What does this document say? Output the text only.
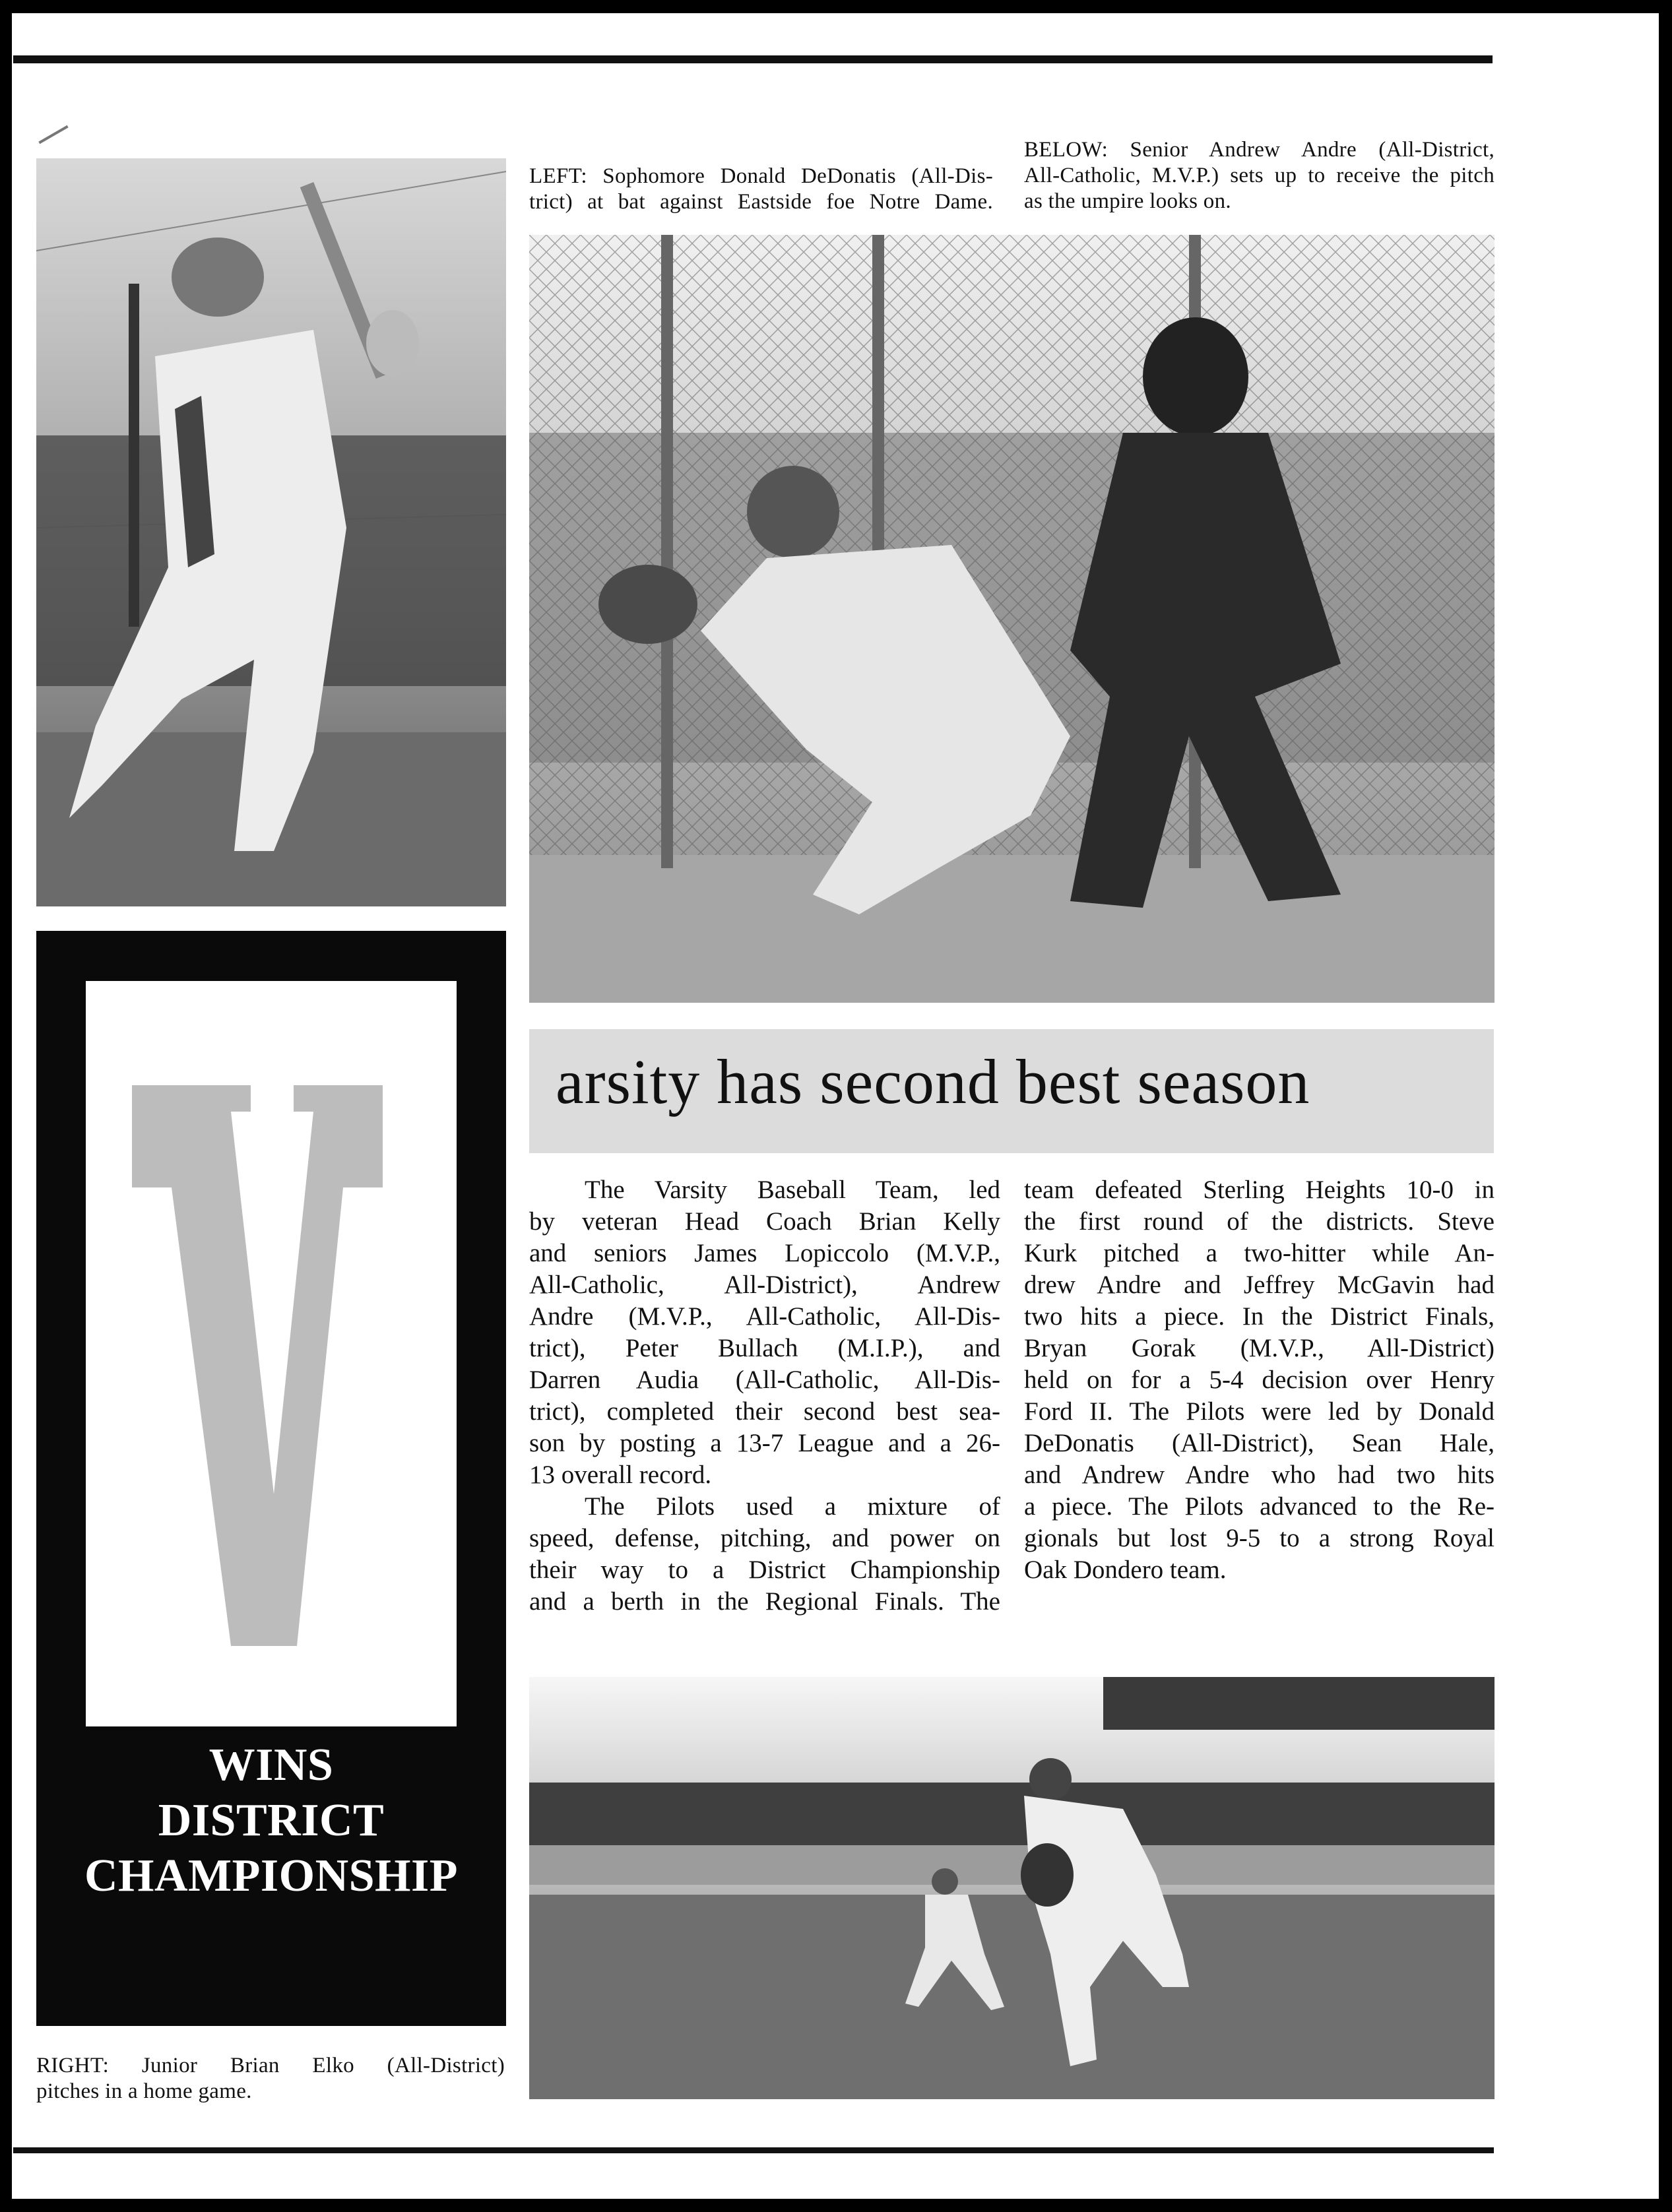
LEFT: Sophomore Donald DeDonatis (All-Dis-

trict) at bat against Eastside foe Notre Dame.

BELOW: Senior Andrew Andre (All-District,

All-Catholic, M.V.P.) sets up to receive the pitch

as the umpire looks on.

WINS
DISTRICT
CHAMPIONSHIP
arsity has second best season
The Varsity Baseball Team, led
by veteran Head Coach Brian Kelly
and seniors James Lopiccolo (M.V.P.,
All-Catholic, All-District), Andrew
Andre (M.V.P., All-Catholic, All-Dis-
trict), Peter Bullach (M.I.P.), and
Darren Audia (All-Catholic, All-Dis-
trict), completed their second best sea-
son by posting a 13-7 League and a 26-
13 overall record.
The Pilots used a mixture of
speed, defense, pitching, and power on
their way to a District Championship
and a berth in the Regional Finals. The
team defeated Sterling Heights 10-0 in
the first round of the districts. Steve
Kurk pitched a two-hitter while An-
drew Andre and Jeffrey McGavin had
two hits a piece. In the District Finals,
Bryan Gorak (M.V.P., All-District)
held on for a 5-4 decision over Henry
Ford II. The Pilots were led by Donald
DeDonatis (All-District), Sean Hale,
and Andrew Andre who had two hits
a piece. The Pilots advanced to the Re-
gionals but lost 9-5 to a strong Royal
Oak Dondero team.

RIGHT: Junior Brian Elko (All-District)

pitches in a home game.
